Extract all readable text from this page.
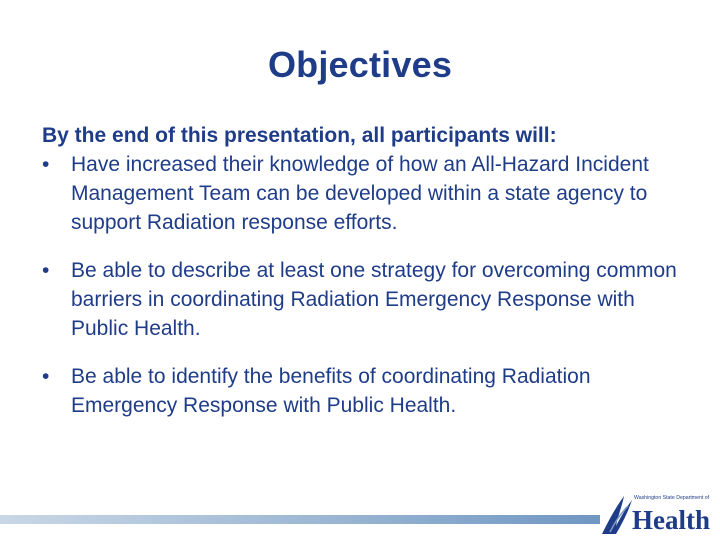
Objectives

By the end of this presentation, all participants will:

•	Have increased their knowledge of how an All-Hazard Incident Management Team can be developed within a state agency to support Radiation response efforts.
•	Be able to describe at least one strategy for overcoming common barriers in coordinating Radiation Emergency Response with Public Health.
•	Be able to identify the benefits of coordinating Radiation Emergency Response with Public Health.
Washington State Department of
Health
